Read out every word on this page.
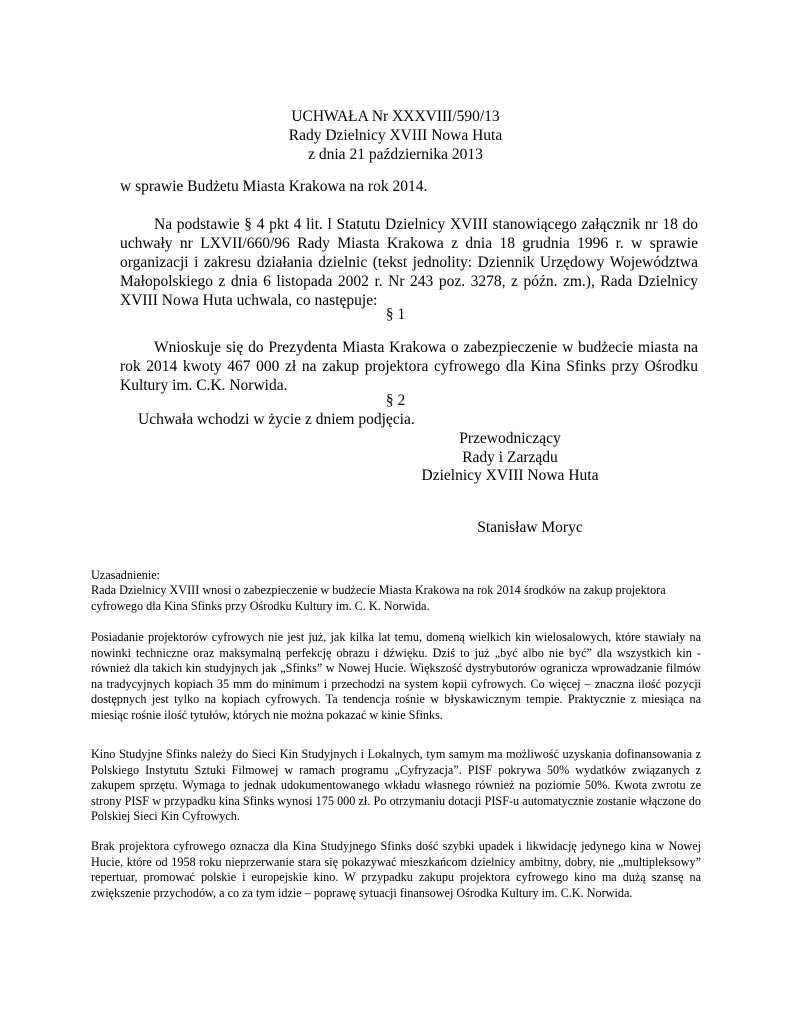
UCHWAŁA Nr XXXVIII/590/13
Rady Dzielnicy XVIII Nowa Huta
z dnia 21 października 2013
w sprawie Budżetu Miasta Krakowa na rok 2014.

Na podstawie § 4 pkt 4 lit. l Statutu Dzielnicy XVIII stanowiącego załącznik nr 18 do uchwały nr LXVII/660/96 Rady Miasta Krakowa z dnia 18 grudnia 1996 r. w sprawie organizacji i zakresu działania dzielnic (tekst jednolity: Dziennik Urzędowy Województwa Małopolskiego z dnia 6 listopada 2002 r. Nr 243 poz. 3278, z późn. zm.), Rada Dzielnicy XVIII Nowa Huta uchwala, co następuje:

§ 1

Wnioskuje się do Prezydenta Miasta Krakowa o zabezpieczenie w budżecie miasta na rok 2014 kwoty 467 000 zł na zakup projektora cyfrowego dla Kina Sfinks przy Ośrodku Kultury im. C.K. Norwida.

§ 2
Uchwała wchodzi w życie z dniem podjęcia.
Przewodniczący
Rady i Zarządu
Dzielnicy XVIII Nowa Huta
Stanisław Moryc
Uzasadnienie:

Rada Dzielnicy XVIII wnosi o zabezpieczenie w budżecie Miasta Krakowa na rok 2014 środków na zakup projektora cyfrowego dla Kina Sfinks przy Ośrodku Kultury im. C. K. Norwida.

Posiadanie projektorów cyfrowych nie jest już, jak kilka lat temu, domeną wielkich kin wielosalowych, które stawiały na nowinki techniczne oraz maksymalną perfekcję obrazu i dźwięku. Dziś to już „być albo nie być” dla wszystkich kin - również dla takich kin studyjnych jak „Sfinks” w Nowej Hucie. Większość dystrybutorów ogranicza wprowadzanie filmów na tradycyjnych kopiach 35 mm do minimum i przechodzi na system kopii cyfrowych. Co więcej – znaczna ilość pozycji dostępnych jest tylko na kopiach cyfrowych. Ta tendencja rośnie w błyskawicznym tempie. Praktycznie z miesiąca na miesiąc rośnie ilość tytułów, których nie można pokazać w kinie Sfinks.

Kino Studyjne Sfinks należy do Sieci Kin Studyjnych i Lokalnych, tym samym ma możliwość uzyskania dofinansowania z Polskiego Instytutu Sztuki Filmowej w ramach programu „Cyfryzacja”. PISF pokrywa 50% wydatków związanych z zakupem sprzętu. Wymaga to jednak udokumentowanego wkładu własnego również na poziomie 50%. Kwota zwrotu ze strony PISF w przypadku kina Sfinks wynosi 175 000 zł. Po otrzymaniu dotacji PISF-u automatycznie zostanie włączone do Polskiej Sieci Kin Cyfrowych.

Brak projektora cyfrowego oznacza dla Kina Studyjnego Sfinks dość szybki upadek i likwidację jedynego kina w Nowej Hucie, które od 1958 roku nieprzerwanie stara się pokazywać mieszkańcom dzielnicy ambitny, dobry, nie „multipleksowy” repertuar, promować polskie i europejskie kino. W przypadku zakupu projektora cyfrowego kino ma dużą szansę na zwiększenie przychodów, a co za tym idzie – poprawę sytuacji finansowej Ośrodka Kultury im. C.K. Norwida.
